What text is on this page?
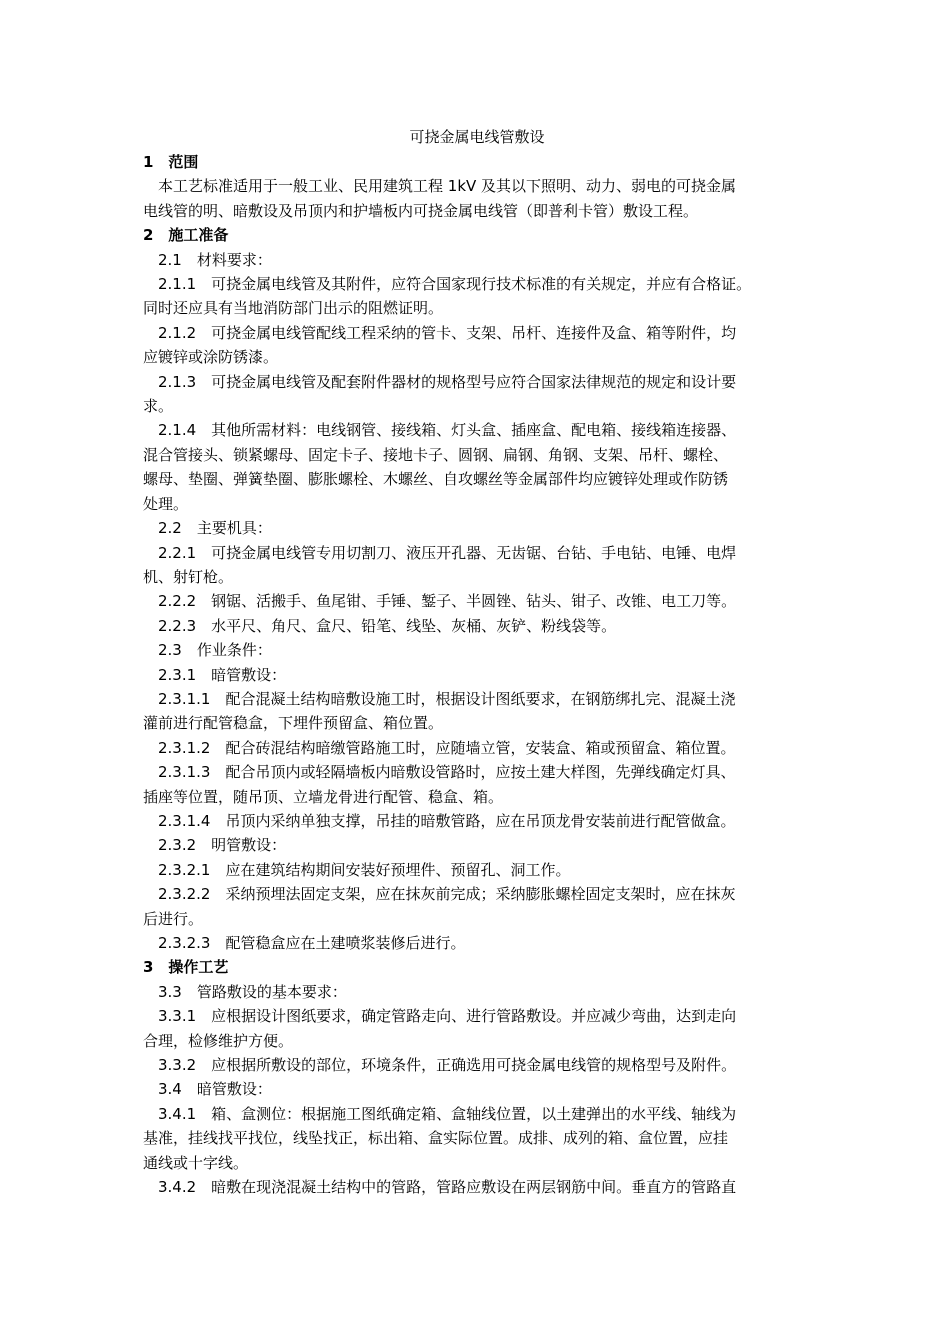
可挠金属电线管敷设
1　范围
本工艺标准适用于一般工业、民用建筑工程 1kV 及其以下照明、动力、弱电的可挠金属
电线管的明、暗敷设及吊顶内和护墙板内可挠金属电线管（即普利卡管）敷设工程。
2　施工准备
2.1　材料要求：
2.1.1　可挠金属电线管及其附件，应符合国家现行技术标准的有关规定，并应有合格证。
同时还应具有当地消防部门出示的阻燃证明。
2.1.2　可挠金属电线管配线工程采纳的管卡、支架、吊杆、连接件及盒、箱等附件，均
应镀锌或涂防锈漆。
2.1.3　可挠金属电线管及配套附件器材的规格型号应符合国家法律规范的规定和设计要
求。
2.1.4　其他所需材料：电线钢管、接线箱、灯头盒、插座盒、配电箱、接线箱连接器、
混合管接头、锁紧螺母、固定卡子、接地卡子、圆钢、扁钢、角钢、支架、吊杆、螺栓、
螺母、垫圈、弹簧垫圈、膨胀螺栓、木螺丝、自攻螺丝等金属部件均应镀锌处理或作防锈
处理。
2.2　主要机具：
2.2.1　可挠金属电线管专用切割刀、液压开孔器、无齿锯、台钻、手电钻、电锤、电焊
机、射钉枪。
2.2.2　钢锯、活搬手、鱼尾钳、手锤、錾子、半圆锉、钻头、钳子、改锥、电工刀等。
2.2.3　水平尺、角尺、盒尺、铅笔、线坠、灰桶、灰铲、粉线袋等。
2.3　作业条件：
2.3.1　暗管敷设：
2.3.1.1　配合混凝土结构暗敷设施工时，根据设计图纸要求，在钢筋绑扎完、混凝土浇
灌前进行配管稳盒，下埋件预留盒、箱位置。
2.3.1.2　配合砖混结构暗缴管路施工时，应随墙立管，安装盒、箱或预留盒、箱位置。
2.3.1.3　配合吊顶内或轻隔墙板内暗敷设管路时，应按土建大样图，先弹线确定灯具、
插座等位置，随吊顶、立墙龙骨进行配管、稳盒、箱。
2.3.1.4　吊顶内采纳单独支撑，吊挂的暗敷管路，应在吊顶龙骨安装前进行配管做盒。
2.3.2　明管敷设：
2.3.2.1　应在建筑结构期间安装好预埋件、预留孔、洞工作。
2.3.2.2　采纳预埋法固定支架，应在抹灰前完成；采纳膨胀螺栓固定支架时，应在抹灰
后进行。
2.3.2.3　配管稳盒应在土建喷浆装修后进行。
3　操作工艺
3.3　管路敷设的基本要求：
3.3.1　应根据设计图纸要求，确定管路走向、进行管路敷设。并应减少弯曲，达到走向
合理，检修维护方便。
3.3.2　应根据所敷设的部位，环境条件，正确选用可挠金属电线管的规格型号及附件。
3.4　暗管敷设：
3.4.1　箱、盒测位：根据施工图纸确定箱、盒轴线位置，以土建弹出的水平线、轴线为
基准，挂线找平找位，线坠找正，标出箱、盒实际位置。成排、成列的箱、盒位置，应挂
通线或十字线。
3.4.2　暗敷在现浇混凝土结构中的管路，管路应敷设在两层钢筋中间。垂直方的管路直
